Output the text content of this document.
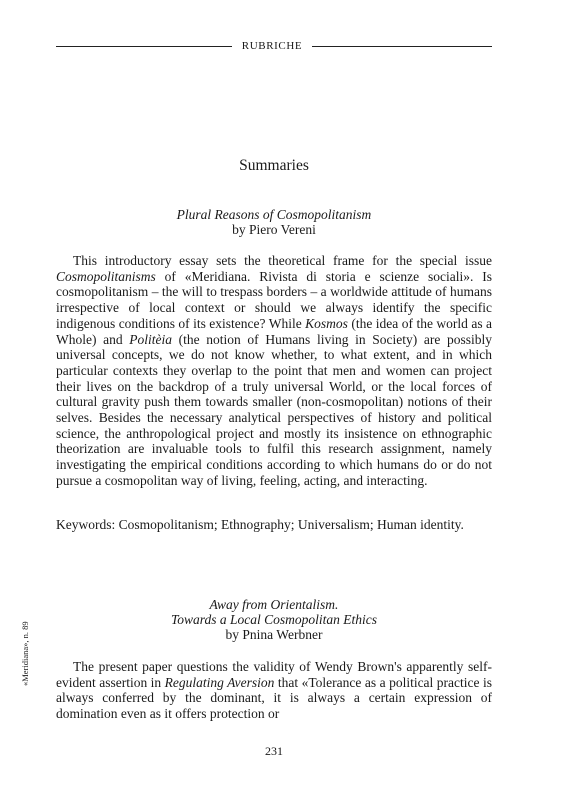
RUBRICHE
Summaries
Plural Reasons of Cosmopolitanism
by Piero Vereni

This introductory essay sets the theoretical frame for the special issue Cosmopolitanisms of «Meridiana. Rivista di storia e scienze sociali». Is cosmopolitanism – the will to trespass borders – a worldwide attitude of humans irrespective of local context or should we always identify the specific indigenous conditions of its existence? While Kosmos (the idea of the world as a Whole) and Politèia (the notion of Humans living in Society) are possibly universal concepts, we do not know whether, to what extent, and in which particular contexts they overlap to the point that men and women can project their lives on the backdrop of a truly universal World, or the local forces of cultural gravity push them towards smaller (non-cosmopolitan) notions of their selves. Besides the necessary analytical perspectives of history and political science, the anthropological project and mostly its insistence on ethnographic theorization are invaluable tools to fulfil this research assignment, namely investigating the empirical conditions according to which humans do or do not pursue a cosmopolitan way of living, feeling, acting, and interacting.

Keywords: Cosmopolitanism; Ethnography; Universalism; Human identity.
Away from Orientalism.
Towards a Local Cosmopolitan Ethics
by Pnina Werbner

The present paper questions the validity of Wendy Brown's apparently self-evident assertion in Regulating Aversion that «Tolerance as a political practice is always conferred by the dominant, it is always a certain expression of domination even as it offers protection or

«Meridiana», n. 89
231
